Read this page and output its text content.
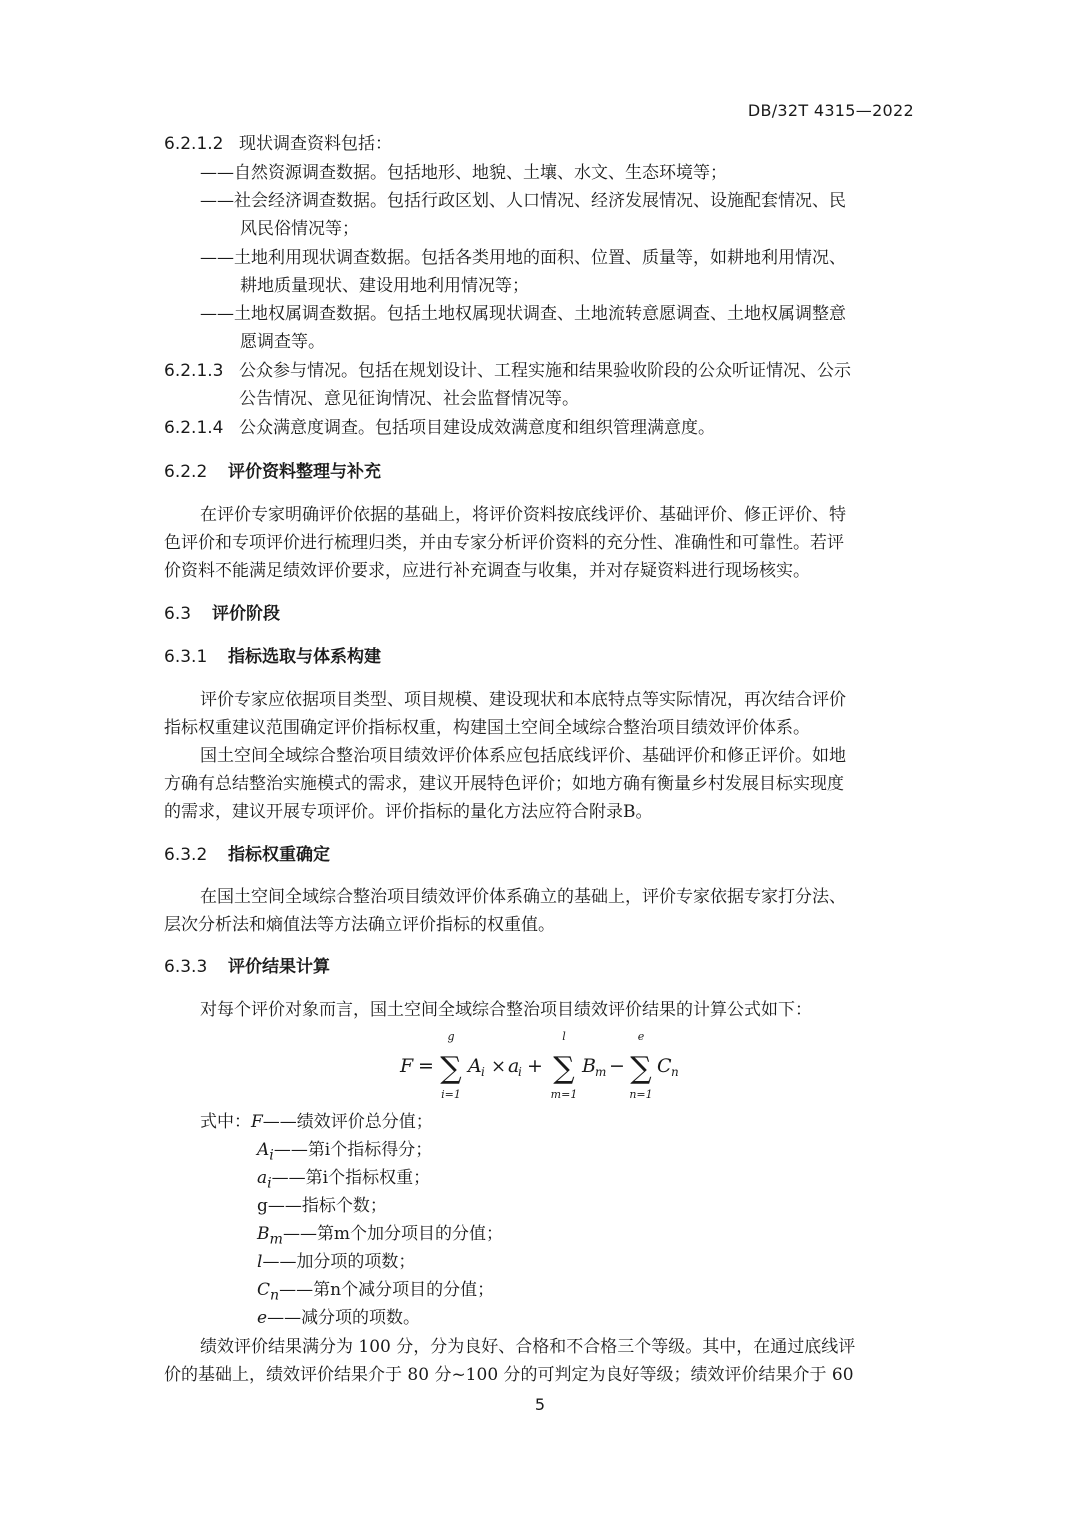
DB/32T 4315—2022
6.2.1.2 现状调查资料包括：
——自然资源调查数据。包括地形、地貌、土壤、水文、生态环境等；
——社会经济调查数据。包括行政区划、人口情况、经济发展情况、设施配套情况、民
风民俗情况等；
——土地利用现状调查数据。包括各类用地的面积、位置、质量等，如耕地利用情况、
耕地质量现状、建设用地利用情况等；
——土地权属调查数据。包括土地权属现状调查、土地流转意愿调查、土地权属调整意
愿调查等。
6.2.1.3 公众参与情况。包括在规划设计、工程实施和结果验收阶段的公众听证情况、公示
公告情况、意见征询情况、社会监督情况等。
6.2.1.4 公众满意度调查。包括项目建设成效满意度和组织管理满意度。
6.2.2 评价资料整理与补充
在评价专家明确评价依据的基础上，将评价资料按底线评价、基础评价、修正评价、特
色评价和专项评价进行梳理归类，并由专家分析评价资料的充分性、准确性和可靠性。若评
价资料不能满足绩效评价要求，应进行补充调查与收集，并对存疑资料进行现场核实。
6.3 评价阶段
6.3.1 指标选取与体系构建
评价专家应依据项目类型、项目规模、建设现状和本底特点等实际情况，再次结合评价
指标权重建议范围确定评价指标权重，构建国土空间全域综合整治项目绩效评价体系。
国土空间全域综合整治项目绩效评价体系应包括底线评价、基础评价和修正评价。如地
方确有总结整治实施模式的需求，建议开展特色评价；如地方确有衡量乡村发展目标实现度
的需求，建议开展专项评价。评价指标的量化方法应符合附录B。
6.3.2 指标权重确定
在国土空间全域综合整治项目绩效评价体系确立的基础上，评价专家依据专家打分法、
层次分析法和熵值法等方法确立评价指标的权重值。
6.3.3 评价结果计算
对每个评价对象而言，国土空间全域综合整治项目绩效评价结果的计算公式如下：
F =
g
∑
i=1
A i × a
i +
l
∑
m=1
B m −
e
∑
n=1
C n
式中：F——绩效评价总分值；
$A_i——$第i个指标得分；
$a_i——$第i个指标权重；
g——指标个数；
$B_m——$第m个加分项目的分值；
l——加分项的项数；
$C_n——$第n个减分项目的分值；
e——减分项的项数。
绩效评价结果满分为 100 分，分为良好、合格和不合格三个等级。其中，在通过底线评
价的基础上，绩效评价结果介于 80 分~100 分的可判定为良好等级；绩效评价结果介于 60
5
